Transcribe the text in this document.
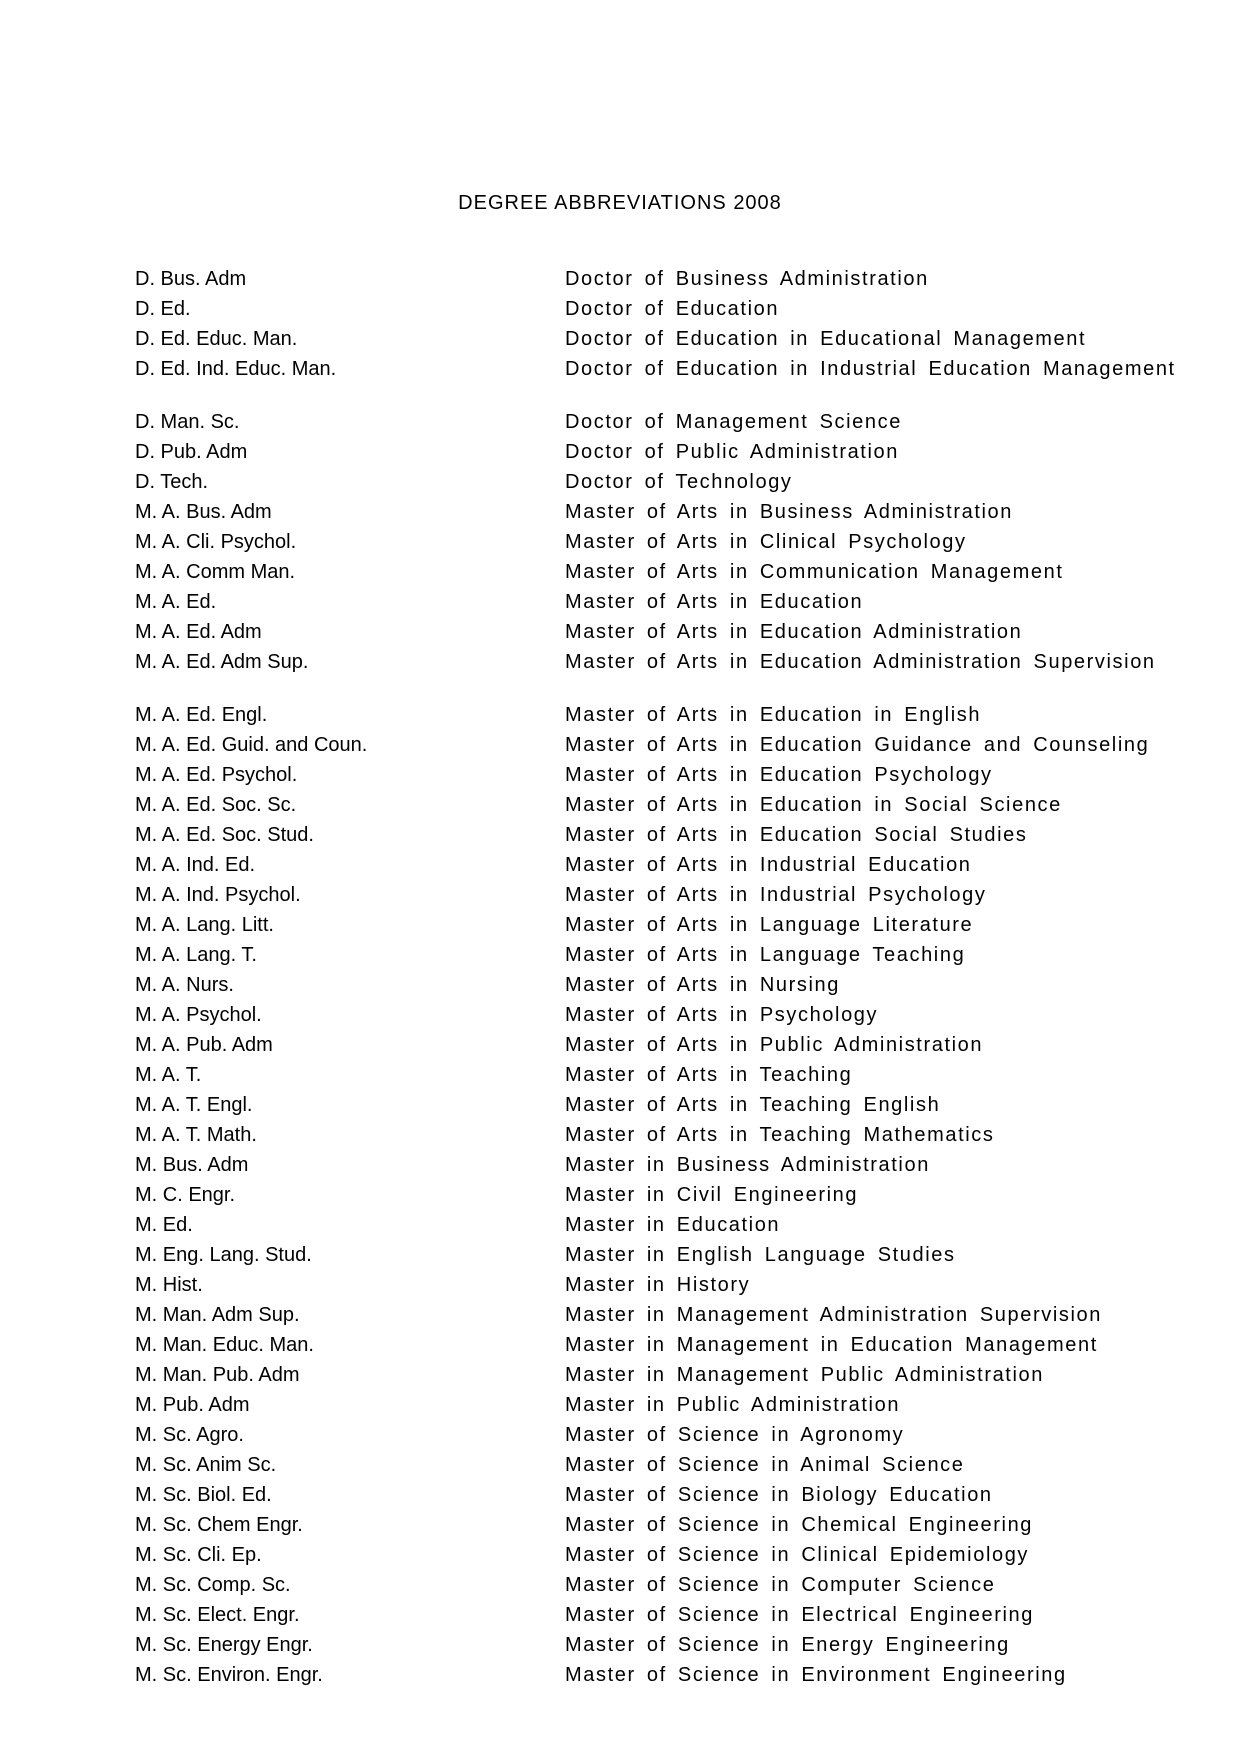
DEGREE ABBREVIATIONS 2008
D. Bus. Adm	Doctor of Business Administration
D. Ed.	Doctor of Education
D. Ed. Educ. Man.	Doctor of Education in Educational Management
D. Ed. Ind. Educ. Man.	Doctor of Education in Industrial Education Management
D. Man. Sc.	Doctor of Management Science
D. Pub. Adm	Doctor of Public Administration
D. Tech.	Doctor of Technology
M. A. Bus. Adm	Master of Arts in Business Administration
M. A. Cli. Psychol.	Master of Arts in Clinical Psychology
M. A. Comm Man.	Master of Arts in Communication Management
M. A. Ed.	Master of Arts in Education
M. A. Ed. Adm	Master of Arts in Education Administration
M. A. Ed. Adm Sup.	Master of Arts in Education Administration Supervision
M. A. Ed. Engl.	Master of Arts in Education in English
M. A. Ed. Guid. and Coun.	Master of Arts in Education Guidance and Counseling
M. A. Ed. Psychol.	Master of Arts in Education Psychology
M. A. Ed. Soc. Sc.	Master of Arts in Education in Social Science
M. A. Ed. Soc. Stud.	Master of Arts in Education Social Studies
M. A. Ind. Ed.	Master of Arts in Industrial Education
M. A. Ind. Psychol.	Master of Arts in Industrial Psychology
M. A. Lang. Litt.	Master of Arts in Language Literature
M. A. Lang. T.	Master of Arts in Language Teaching
M. A. Nurs.	Master of Arts in Nursing
M. A. Psychol.	Master of Arts in Psychology
M. A. Pub. Adm	Master of Arts in Public Administration
M. A. T.	Master of Arts in Teaching
M. A. T. Engl.	Master of Arts in Teaching English
M. A. T. Math.	Master of Arts in Teaching Mathematics
M. Bus. Adm	Master in Business Administration
M. C. Engr.	Master in Civil Engineering
M. Ed.	Master in Education
M. Eng. Lang. Stud.	Master in English Language Studies
M. Hist.	Master in History
M. Man. Adm Sup.	Master in Management Administration Supervision
M. Man. Educ. Man.	Master in Management in Education Management
M. Man. Pub. Adm	Master in Management Public Administration
M. Pub. Adm	Master in Public Administration
M. Sc. Agro.	Master of Science in Agronomy
M. Sc. Anim Sc.	Master of Science in Animal Science
M. Sc. Biol. Ed.	Master of Science in Biology Education
M. Sc. Chem Engr.	Master of Science in Chemical Engineering
M. Sc. Cli. Ep.	Master of Science in Clinical Epidemiology
M. Sc. Comp. Sc.	Master of Science in Computer Science
M. Sc. Elect. Engr.	Master of Science in Electrical Engineering
M. Sc. Energy Engr.	Master of Science in Energy Engineering
M. Sc. Environ. Engr.	Master of Science in Environment Engineering
